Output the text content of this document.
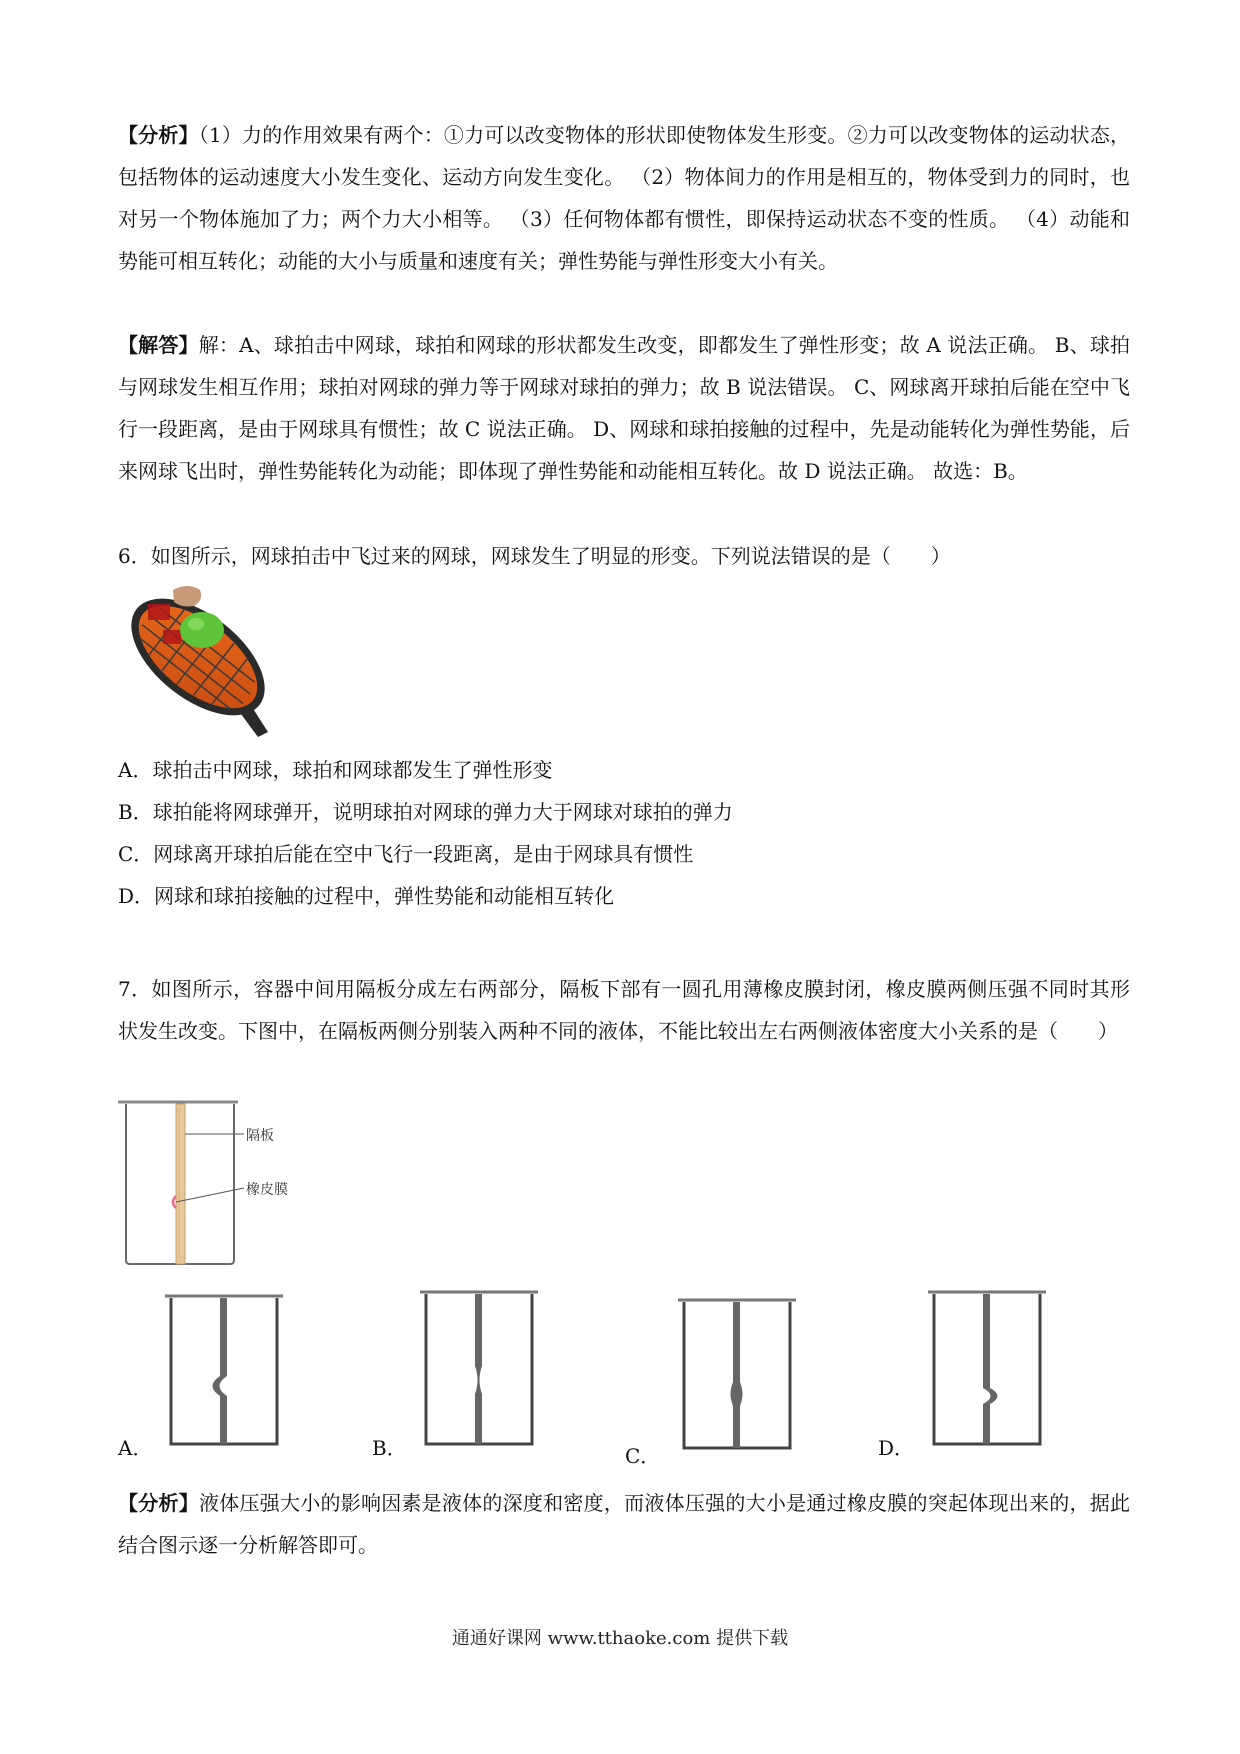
【分析】（1）力的作用效果有两个：①力可以改变物体的形状即使物体发生形变。②力可以改变物体的运动状态，包括物体的运动速度大小发生变化、运动方向发生变化。 （2）物体间力的作用是相互的，物体受到力的同时，也对另一个物体施加了力；两个力大小相等。 （3）任何物体都有惯性，即保持运动状态不变的性质。 （4）动能和势能可相互转化；动能的大小与质量和速度有关；弹性势能与弹性形变大小有关。

【解答】解：A、球拍击中网球，球拍和网球的形状都发生改变，即都发生了弹性形变；故 A 说法正确。 B、球拍与网球发生相互作用；球拍对网球的弹力等于网球对球拍的弹力；故 B 说法错误。 C、网球离开球拍后能在空中飞行一段距离，是由于网球具有惯性；故 C 说法正确。 D、网球和球拍接触的过程中，先是动能转化为弹性势能，后来网球飞出时，弹性势能转化为动能；即体现了弹性势能和动能相互转化。故 D 说法正确。 故选：B。

6．如图所示，网球拍击中飞过来的网球，网球发生了明显的形变。下列说法错误的是（　　）
A．球拍击中网球，球拍和网球都发生了弹性形变
B．球拍能将网球弹开，说明球拍对网球的弹力大于网球对球拍的弹力
C．网球离开球拍后能在空中飞行一段距离，是由于网球具有惯性
D．网球和球拍接触的过程中，弹性势能和动能相互转化

7．如图所示，容器中间用隔板分成左右两部分，隔板下部有一圆孔用薄橡皮膜封闭，橡皮膜两侧压强不同时其形状发生改变。下图中，在隔板两侧分别装入两种不同的液体，不能比较出左右两侧液体密度大小关系的是（　　）

隔板
橡皮膜
A．	B．	C．	D．

【分析】液体压强大小的影响因素是液体的深度和密度，而液体压强的大小是通过橡皮膜的突起体现出来的，据此结合图示逐一分析解答即可。

通通好课网 www.tthaoke.com 提供下载
